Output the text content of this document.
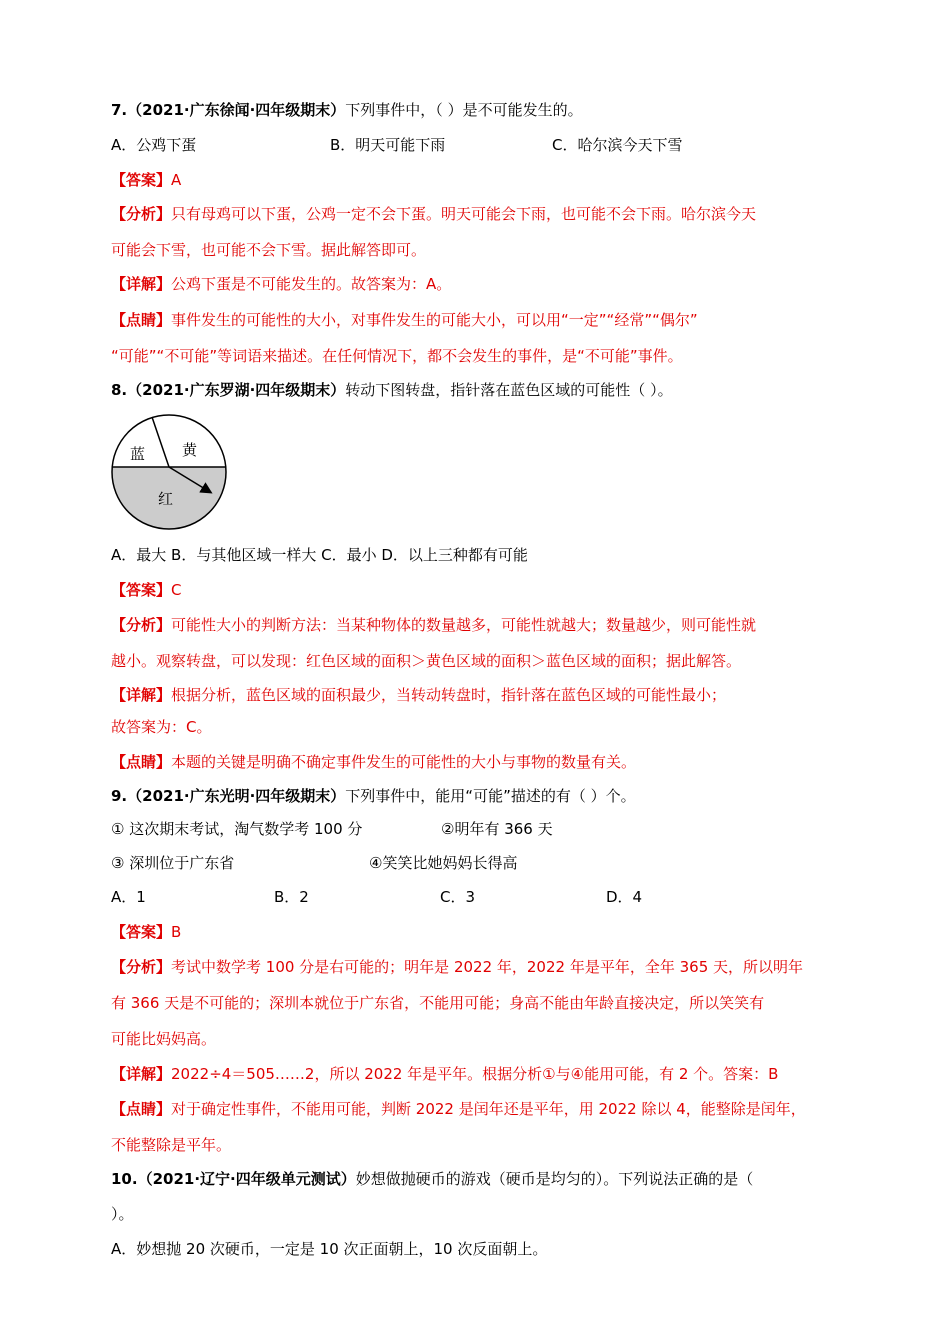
7.（2021·广东徐闻·四年级期末）下列事件中，（ ）是不可能发生的。
A．公鸡下蛋	B．明天可能下雨	C．哈尔滨今天下雪
【答案】A
【分析】只有母鸡可以下蛋，公鸡一定不会下蛋。明天可能会下雨，也可能不会下雨。哈尔滨今天
可能会下雪，也可能不会下雪。据此解答即可。
【详解】公鸡下蛋是不可能发生的。故答案为：A。
【点睛】事件发生的可能性的大小，对事件发生的可能大小，可以用“一定”“经常”“偶尔”
“可能”“不可能”等词语来描述。在任何情况下，都不会发生的事件，是“不可能”事件。
8.（2021·广东罗湖·四年级期末）转动下图转盘，指针落在蓝色区域的可能性（ ）。
蓝 黄
红
A．最大 B．与其他区域一样大 C．最小 D．以上三种都有可能
【答案】C
【分析】可能性大小的判断方法：当某种物体的数量越多，可能性就越大；数量越少，则可能性就
越小。观察转盘，可以发现：红色区域的面积＞黄色区域的面积＞蓝色区域的面积；据此解答。
【详解】根据分析，蓝色区域的面积最少，当转动转盘时，指针落在蓝色区域的可能性最小；
故答案为：C。
【点睛】本题的关键是明确不确定事件发生的可能性的大小与事物的数量有关。
9.（2021·广东光明·四年级期末）下列事件中，能用“可能”描述的有（ ）个。
① 这次期末考试，淘气数学考 100 分	②明年有 366 天
③ 深圳位于广东省	④笑笑比她妈妈长得高
A．1	B．2	C．3	D．4
【答案】B
【分析】考试中数学考 100 分是右可能的；明年是 2022 年，2022 年是平年，全年 365 天，所以明年
有 366 天是不可能的；深圳本就位于广东省，不能用可能；身高不能由年龄直接决定，所以笑笑有
可能比妈妈高。
【详解】2022÷4＝505……2，所以 2022 年是平年。根据分析①与④能用可能，有 2 个。答案：B
【点睛】对于确定性事件，不能用可能，判断 2022 是闰年还是平年，用 2022 除以 4，能整除是闰年，
不能整除是平年。
10.（2021·辽宁·四年级单元测试）妙想做抛硬币的游戏（硬币是均匀的）。下列说法正确的是（
）。
A．妙想抛 20 次硬币，一定是 10 次正面朝上，10 次反面朝上。
